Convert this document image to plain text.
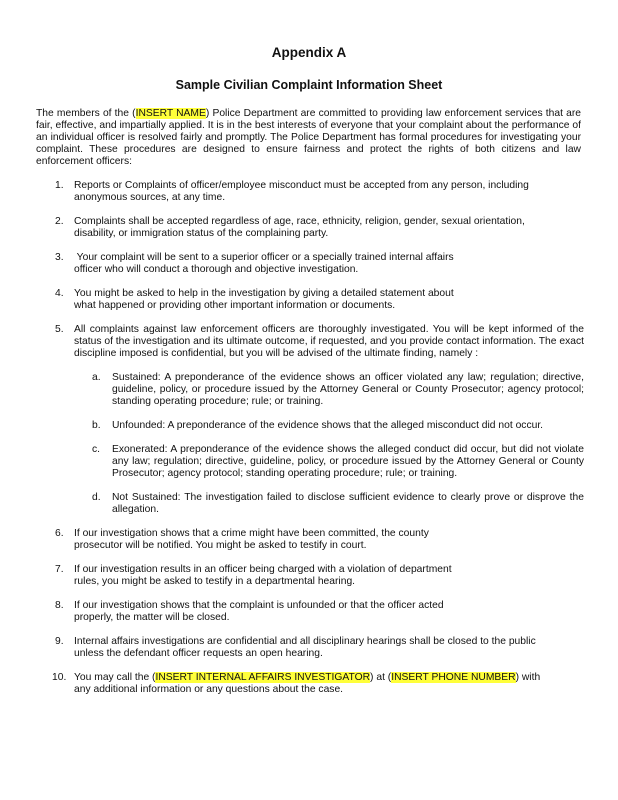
Appendix A
Sample Civilian Complaint Information Sheet

The members of the (INSERT NAME) Police Department are committed to providing law enforcement services that are fair, effective, and impartially applied. It is in the best interests of everyone that your complaint about the performance of an individual officer is resolved fairly and promptly. The Police Department has formal procedures for investigating your complaint. These procedures are designed to ensure fairness and protect the rights of both citizens and law enforcement officers:

1. Reports or Complaints of officer/employee misconduct must be accepted from any person, including
anonymous sources, at any time.
2. Complaints shall be accepted regardless of age, race, ethnicity, religion, gender, sexual orientation,
disability, or immigration status of the complaining party.
3. Your complaint will be sent to a superior officer or a specially trained internal affairs
officer who will conduct a thorough and objective investigation.
4. You might be asked to help in the investigation by giving a detailed statement about
what happened or providing other important information or documents.
5. All complaints against law enforcement officers are thoroughly investigated. You will be kept informed of the status of the investigation and its ultimate outcome, if requested, and you provide contact information. The exact discipline imposed is confidential, but you will be advised of the ultimate finding, namely :
a. Sustained: A preponderance of the evidence shows an officer violated any law; regulation; directive, guideline, policy, or procedure issued by the Attorney General or County Prosecutor; agency protocol; standing operating procedure; rule; or training.
b. Unfounded: A preponderance of the evidence shows that the alleged misconduct did not occur.
c. Exonerated: A preponderance of the evidence shows the alleged conduct did occur, but did not violate any law; regulation; directive, guideline, policy, or procedure issued by the Attorney General or County Prosecutor; agency protocol; standing operating procedure; rule; or training.
d. Not Sustained: The investigation failed to disclose sufficient evidence to clearly prove or disprove the allegation.
6. If our investigation shows that a crime might have been committed, the county
prosecutor will be notified. You might be asked to testify in court.
7. If our investigation results in an officer being charged with a violation of department
rules, you might be asked to testify in a departmental hearing.
8. If our investigation shows that the complaint is unfounded or that the officer acted
properly, the matter will be closed.
9. Internal affairs investigations are confidential and all disciplinary hearings shall be closed to the public
unless the defendant officer requests an open hearing.
10. You may call the (INSERT INTERNAL AFFAIRS INVESTIGATOR) at (INSERT PHONE NUMBER) with
any additional information or any questions about the case.
